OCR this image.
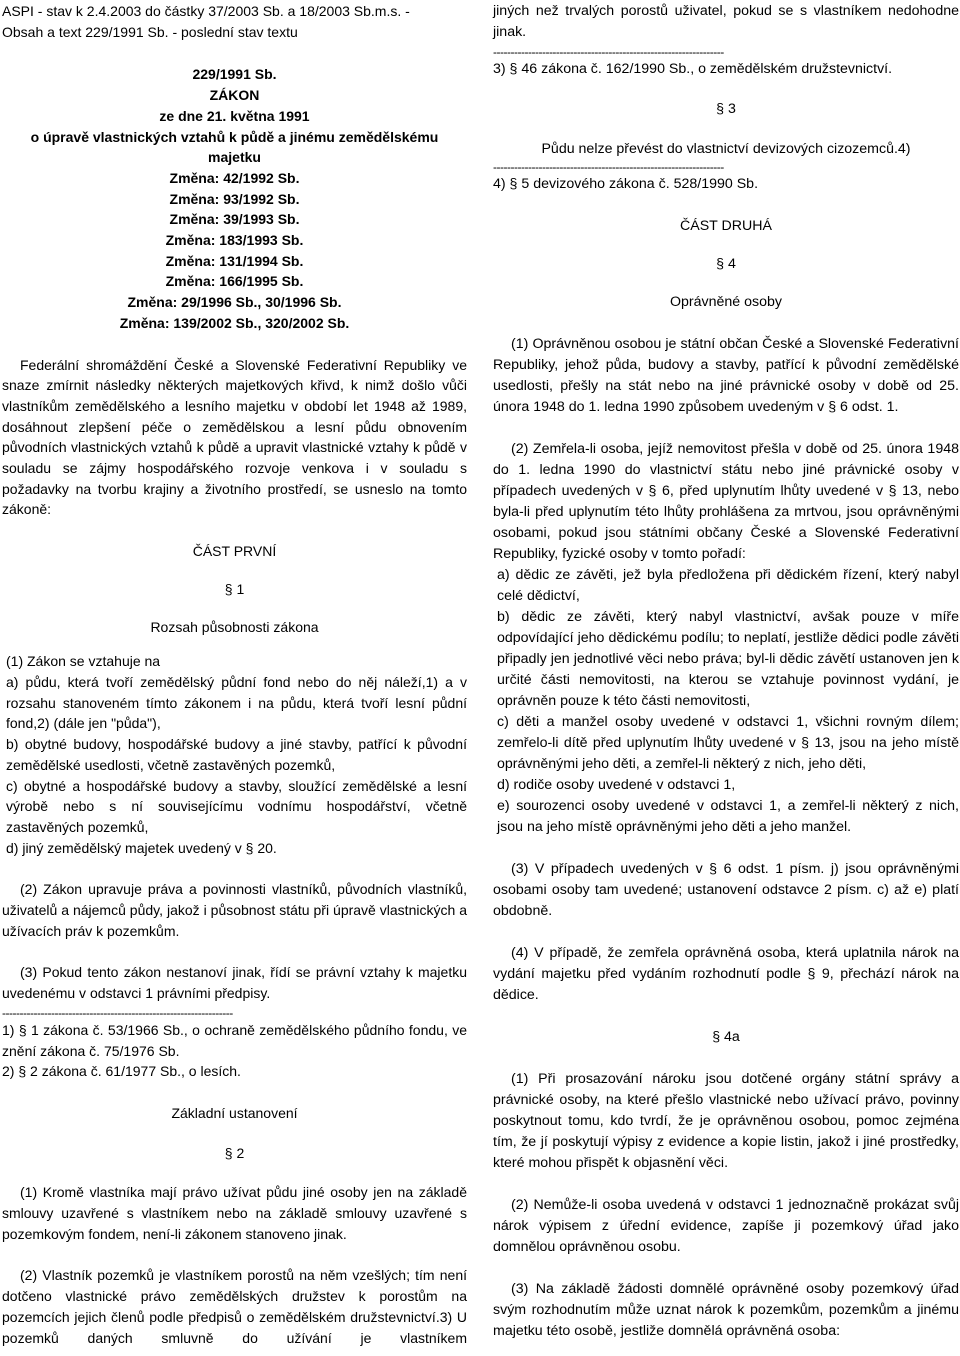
ASPI - stav k 2.4.2003 do částky 37/2003 Sb. a 18/2003 Sb.m.s. -

Obsah a text 229/1991 Sb. - poslední stav textu

229/1991 Sb.

ZÁKON

ze dne 21. května 1991

o úpravě vlastnických vztahů k půdě a jinému zemědělskému majetku

Změna: 42/1992 Sb.

Změna: 93/1992 Sb.

Změna: 39/1993 Sb.

Změna: 183/1993 Sb.

Změna: 131/1994 Sb.

Změna: 166/1995 Sb.

Změna: 29/1996 Sb., 30/1996 Sb.

Změna: 139/2002 Sb., 320/2002 Sb.

Federální shromáždění České a Slovenské Federativní Republiky ve snaze zmírnit následky některých majetkových křivd, k nimž došlo vůči vlastníkům zemědělského a lesního majetku v období let 1948 až 1989, dosáhnout zlepšení péče o zemědělskou a lesní půdu obnovením původních vlastnických vztahů k půdě a upravit vlastnické vztahy k půdě v souladu se zájmy hospodářského rozvoje venkova i v souladu s požadavky na tvorbu krajiny a životního prostředí, se usneslo na tomto zákoně:

ČÁST PRVNÍ

§ 1

Rozsah působnosti zákona

(1) Zákon se vztahuje na

a) půdu, která tvoří zemědělský půdní fond nebo do něj náleží,1) a v rozsahu stanoveném tímto zákonem i na půdu, která tvoří lesní půdní fond,2) (dále jen "půda"),

b) obytné budovy, hospodářské budovy a jiné stavby, patřící k původní zemědělské usedlosti, včetně zastavěných pozemků,

c) obytné a hospodářské budovy a stavby, sloužící zemědělské a lesní výrobě nebo s ní souvisejícímu vodnímu hospodářství, včetně zastavěných pozemků,

d) jiný zemědělský majetek uvedený v § 20.

(2) Zákon upravuje práva a povinnosti vlastníků, původních vlastníků, uživatelů a nájemců půdy, jakož i působnost státu při úpravě vlastnických a užívacích práv k pozemkům.

(3) Pokud tento zákon nestanoví jinak, řídí se právní vztahy k majetku uvedenému v odstavci 1 právními předpisy.

------------------------------------------------------------------

1) § 1 zákona č. 53/1966 Sb., o ochraně zemědělského půdního fondu, ve znění zákona č. 75/1976 Sb.

2) § 2 zákona č. 61/1977 Sb., o lesích.

Základní ustanovení

§ 2

(1) Kromě vlastníka mají právo užívat půdu jiné osoby jen na základě smlouvy uzavřené s vlastníkem nebo na základě smlouvy uzavřené s pozemkovým fondem, není-li zákonem stanoveno jinak.

(2) Vlastník pozemků je vlastníkem porostů na něm vzešlých; tím není dotčeno vlastnické právo zemědělských družstev k porostům na pozemcích jejich členů podle předpisů o zemědělském družstevnictví.3) U pozemků daných smluvně do užívání je vlastníkem

jiných než trvalých porostů uživatel, pokud se s vlastníkem nedohodne jinak.

------------------------------------------------------------------

3) § 46 zákona č. 162/1990 Sb., o zemědělském družstevnictví.

§ 3

Půdu nelze převést do vlastnictví devizových cizozemců.4)

------------------------------------------------------------------

4) § 5 devizového zákona č. 528/1990 Sb.

ČÁST DRUHÁ

§ 4

Oprávněné osoby

(1) Oprávněnou osobou je státní občan České a Slovenské Federativní Republiky, jehož půda, budovy a stavby, patřící k původní zemědělské usedlosti, přešly na stát nebo na jiné právnické osoby v době od 25. února 1948 do 1. ledna 1990 způsobem uvedeným v § 6 odst. 1.

(2) Zemřela-li osoba, jejíž nemovitost přešla v době od 25. února 1948 do 1. ledna 1990 do vlastnictví státu nebo jiné právnické osoby v případech uvedených v § 6, před uplynutím lhůty uvedené v § 13, nebo byla-li před uplynutím této lhůty prohlášena za mrtvou, jsou oprávněnými osobami, pokud jsou státními občany České a Slovenské Federativní Republiky, fyzické osoby v tomto pořadí:

a) dědic ze závěti, jež byla předložena při dědickém řízení, který nabyl celé dědictví,

b) dědic ze závěti, který nabyl vlastnictví, avšak pouze v míře odpovídající jeho dědickému podílu; to neplatí, jestliže dědici podle závěti připadly jen jednotlivé věci nebo práva; byl-li dědic závětí ustanoven jen k určité části nemovitosti, na kterou se vztahuje povinnost vydání, je oprávněn pouze k této části nemovitosti,

c) děti a manžel osoby uvedené v odstavci 1, všichni rovným dílem; zemřelo-li dítě před uplynutím lhůty uvedené v § 13, jsou na jeho místě oprávněnými jeho děti, a zemřel-li některý z nich, jeho děti,

d) rodiče osoby uvedené v odstavci 1,

e) sourozenci osoby uvedené v odstavci 1, a zemřel-li některý z nich, jsou na jeho místě oprávněnými jeho děti a jeho manžel.

(3) V případech uvedených v § 6 odst. 1 písm. j) jsou oprávněnými osobami osoby tam uvedené; ustanovení odstavce 2 písm. c) až e) platí obdobně.

(4) V případě, že zemřela oprávněná osoba, která uplatnila nárok na vydání majetku před vydáním rozhodnutí podle § 9, přechází nárok na dědice.

§ 4a

(1) Při prosazování nároku jsou dotčené orgány státní správy a právnické osoby, na které přešlo vlastnické nebo užívací právo, povinny poskytnout tomu, kdo tvrdí, že je oprávněnou osobou, pomoc zejména tím, že jí poskytují výpisy z evidence a kopie listin, jakož i jiné prostředky, které mohou přispět k objasnění věci.

(2) Nemůže-li osoba uvedená v odstavci 1 jednoznačně prokázat svůj nárok výpisem z úřední evidence, zapíše ji pozemkový úřad jako domnělou oprávněnou osobu.

(3) Na základě žádosti domnělé oprávněné osoby pozemkový úřad svým rozhodnutím může uznat nárok k pozemkům, pozemkům a jinému majetku této osobě, jestliže domnělá oprávněná osoba:
